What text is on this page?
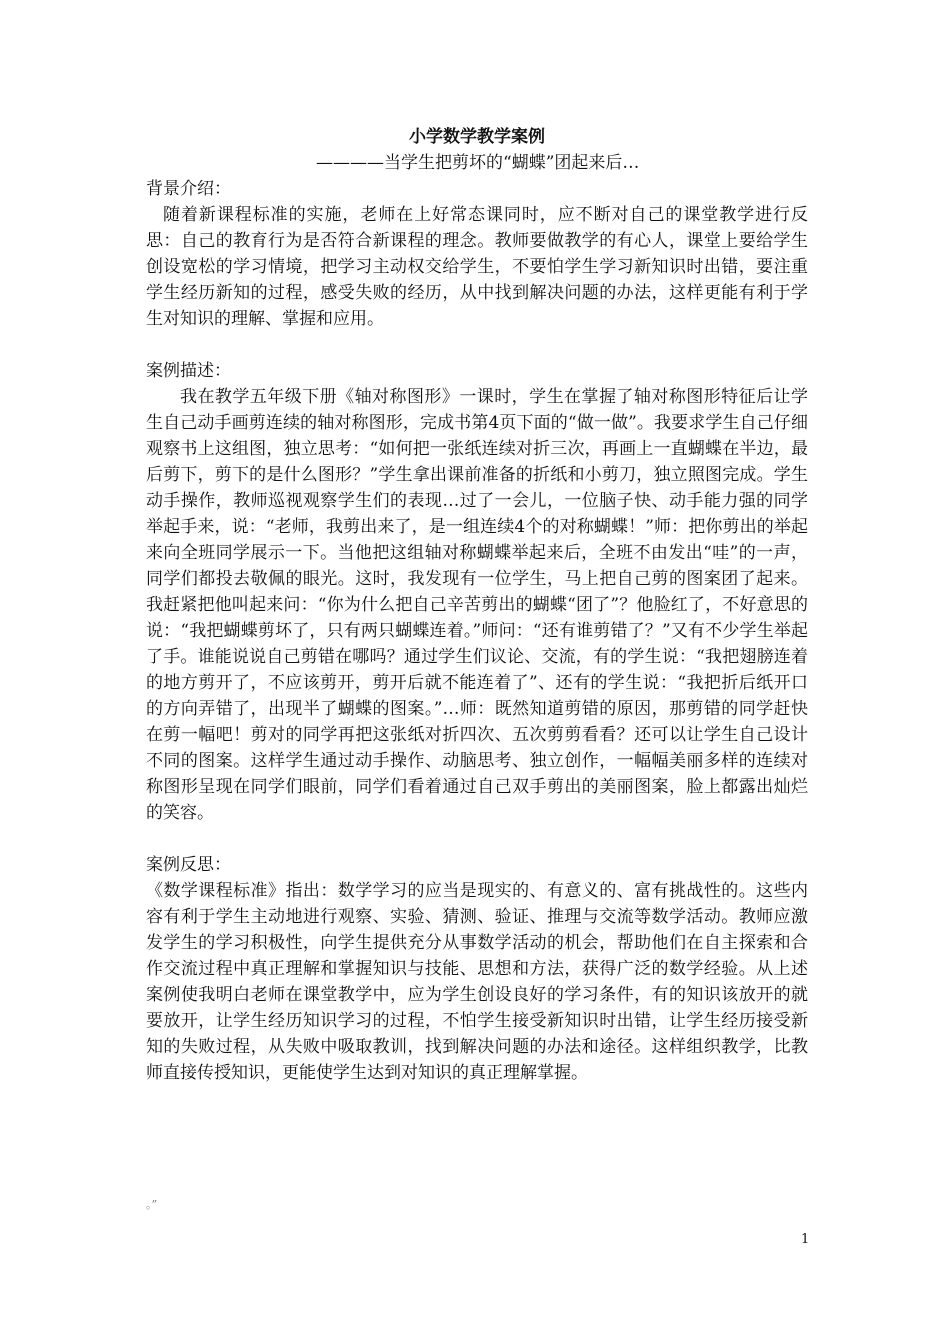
小学数学教学案例

————当学生把剪坏的“蝴蝶”团起来后…

背景介绍：

随着新课程标准的实施，老师在上好常态课同时，应不断对自己的课堂教学进行反思：自己的教育行为是否符合新课程的理念。教师要做教学的有心人，课堂上要给学生创设宽松的学习情境，把学习主动权交给学生，不要怕学生学习新知识时出错，要注重学生经历新知的过程，感受失败的经历，从中找到解决问题的办法，这样更能有利于学生对知识的理解、掌握和应用。

案例描述：

我在教学五年级下册《轴对称图形》一课时，学生在掌握了轴对称图形特征后让学生自己动手画剪连续的轴对称图形，完成书第4页下面的“做一做”。我要求学生自己仔细观察书上这组图，独立思考：“如何把一张纸连续对折三次，再画上一直蝴蝶在半边，最后剪下，剪下的是什么图形？”学生拿出课前准备的折纸和小剪刀，独立照图完成。学生动手操作，教师巡视观察学生们的表现…过了一会儿，一位脑子快、动手能力强的同学举起手来，说：“老师，我剪出来了，是一组连续4个的对称蝴蝶！”师：把你剪出的举起来向全班同学展示一下。当他把这组轴对称蝴蝶举起来后，全班不由发出“哇”的一声，同学们都投去敬佩的眼光。这时，我发现有一位学生，马上把自己剪的图案团了起来。我赶紧把他叫起来问：“你为什么把自己辛苦剪出的蝴蝶“团了”？他脸红了，不好意思的说：“我把蝴蝶剪坏了，只有两只蝴蝶连着。”师问：“还有谁剪错了？”又有不少学生举起了手。谁能说说自己剪错在哪吗？通过学生们议论、交流，有的学生说：“我把翅膀连着的地方剪开了，不应该剪开，剪开后就不能连着了”、还有的学生说：“我把折后纸开口的方向弄错了，出现半了蝴蝶的图案。”…师：既然知道剪错的原因，那剪错的同学赶快在剪一幅吧！剪对的同学再把这张纸对折四次、五次剪剪看看？还可以让学生自己设计不同的图案。这样学生通过动手操作、动脑思考、独立创作，一幅幅美丽多样的连续对称图形呈现在同学们眼前，同学们看着通过自己双手剪出的美丽图案，脸上都露出灿烂的笑容。

案例反思：

《数学课程标准》指出：数学学习的应当是现实的、有意义的、富有挑战性的。这些内容有利于学生主动地进行观察、实验、猜测、验证、推理与交流等数学活动。教师应激发学生的学习积极性，向学生提供充分从事数学活动的机会，帮助他们在自主探索和合作交流过程中真正理解和掌握知识与技能、思想和方法，获得广泛的数学经验。从上述案例使我明白老师在课堂教学中，应为学生创设良好的学习条件，有的知识该放开的就要放开，让学生经历知识学习的过程，不怕学生接受新知识时出错，让学生经历接受新知的失败过程，从失败中吸取教训，找到解决问题的办法和途径。这样组织教学，比教师直接传授知识，更能使学生达到对知识的真正理解掌握。

。”
1
